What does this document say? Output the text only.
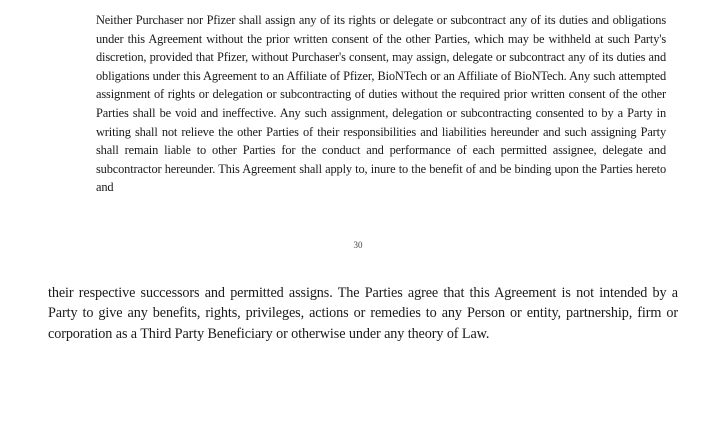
Neither Purchaser nor Pfizer shall assign any of its rights or delegate or subcontract any of its duties and obligations under this Agreement without the prior written consent of the other Parties, which may be withheld at such Party's discretion, provided that Pfizer, without Purchaser's consent, may assign, delegate or subcontract any of its duties and obligations under this Agreement to an Affiliate of Pfizer, BioNTech or an Affiliate of BioNTech. Any such attempted assignment of rights or delegation or subcontracting of duties without the required prior written consent of the other Parties shall be void and ineffective. Any such assignment, delegation or subcontracting consented to by a Party in writing shall not relieve the other Parties of their responsibilities and liabilities hereunder and such assigning Party shall remain liable to other Parties for the conduct and performance of each permitted assignee, delegate and subcontractor hereunder. This Agreement shall apply to, inure to the benefit of and be binding upon the Parties hereto and

30

their respective successors and permitted assigns. The Parties agree that this Agreement is not intended by a Party to give any benefits, rights, privileges, actions or remedies to any Person or entity, partnership, firm or corporation as a Third Party Beneficiary or otherwise under any theory of Law.
